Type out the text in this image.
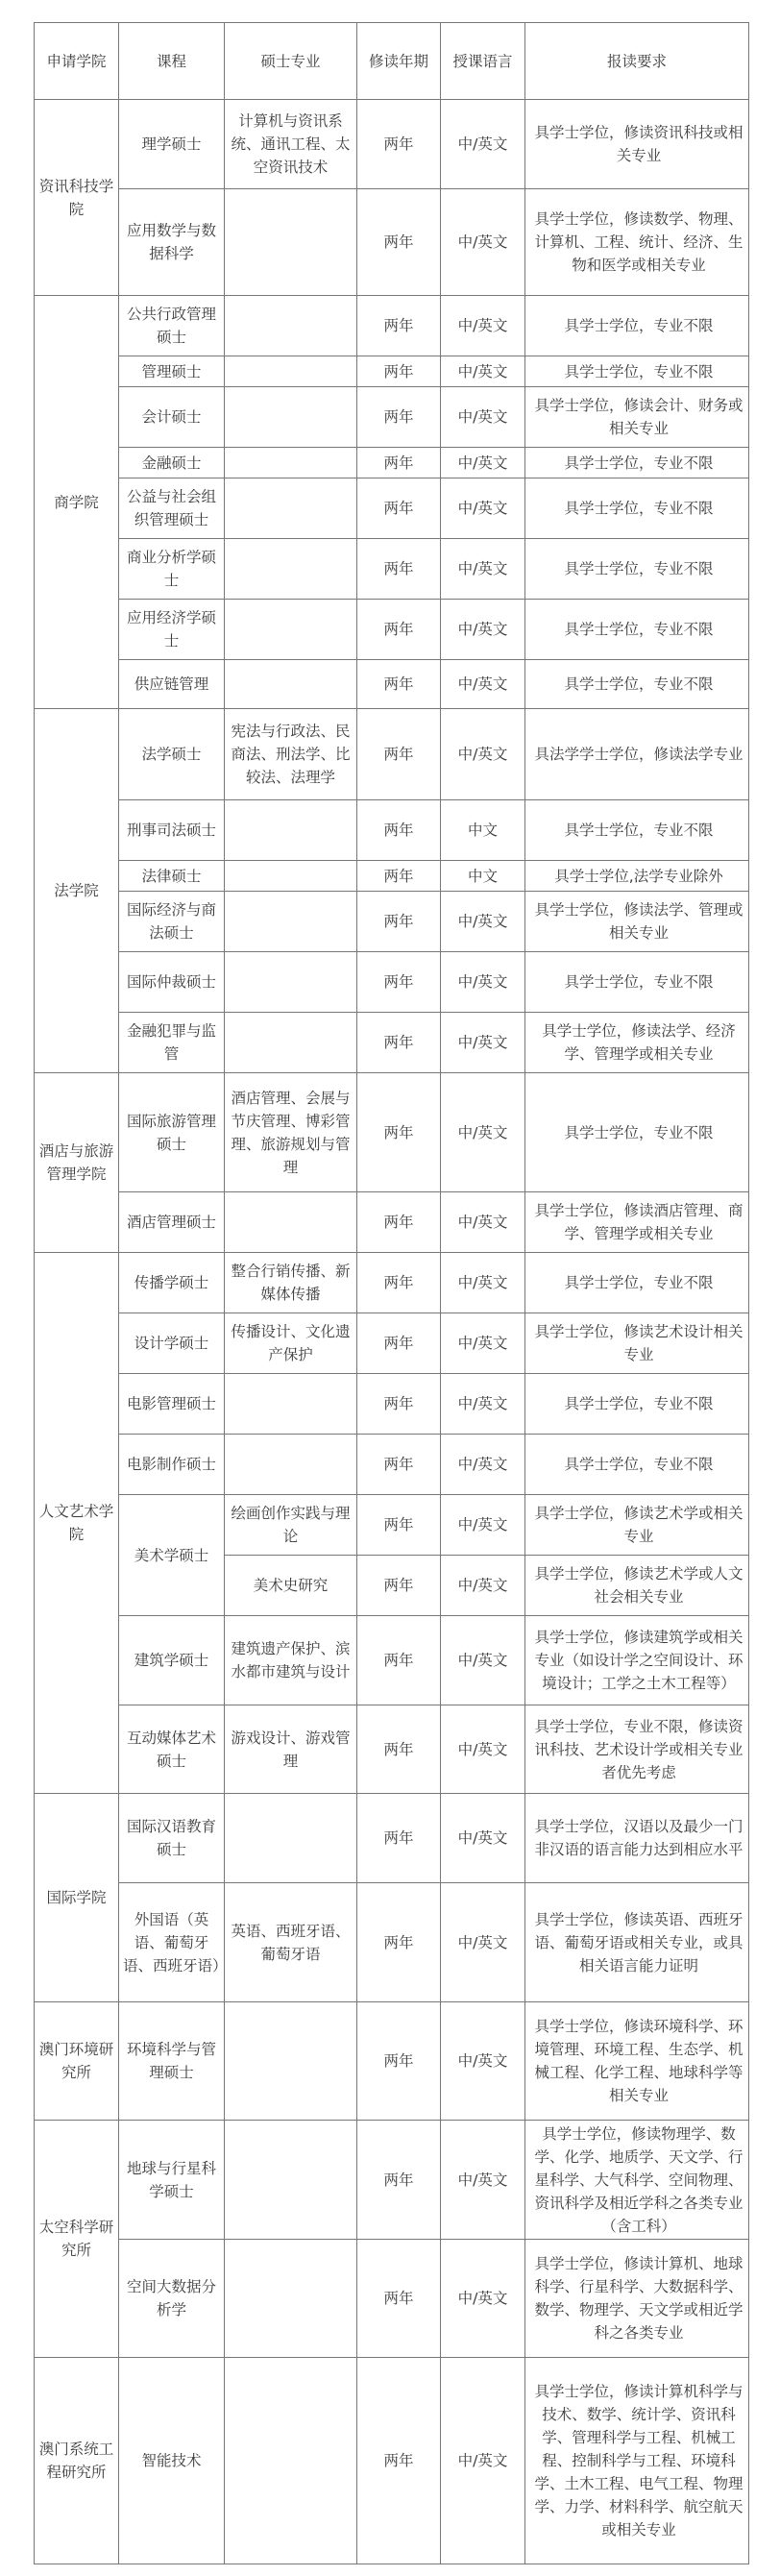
申请学院	课程	硕士专业	修读年期	授课语言	报读要求
资讯科技学院	理学硕士	计算机与资讯系统、通讯工程、太空资讯技术	两年	中/英文	具学士学位，修读资讯科技或相关专业
	应用数学与数据科学		两年	中/英文	具学士学位，修读数学、物理、计算机、工程、统计、经济、生物和医学或相关专业
商学院	公共行政管理硕士		两年	中/英文	具学士学位，专业不限
	管理硕士		两年	中/英文	具学士学位，专业不限
	会计硕士		两年	中/英文	具学士学位，修读会计、财务或相关专业
	金融硕士		两年	中/英文	具学士学位，专业不限
	公益与社会组织管理硕士		两年	中/英文	具学士学位，专业不限
	商业分析学硕士		两年	中/英文	具学士学位，专业不限
	应用经济学硕士		两年	中/英文	具学士学位，专业不限
	供应链管理		两年	中/英文	具学士学位，专业不限
法学院	法学硕士	宪法与行政法、民商法、刑法学、比较法、法理学	两年	中/英文	具法学学士学位，修读法学专业
	刑事司法硕士		两年	中文	具学士学位，专业不限
	法律硕士		两年	中文	具学士学位,法学专业除外
	国际经济与商法硕士		两年	中/英文	具学士学位，修读法学、管理或相关专业
	国际仲裁硕士		两年	中/英文	具学士学位，专业不限
	金融犯罪与监管		两年	中/英文	具学士学位，修读法学、经济学、管理学或相关专业
酒店与旅游管理学院	国际旅游管理硕士	酒店管理、会展与节庆管理、博彩管理、旅游规划与管理	两年	中/英文	具学士学位，专业不限
	酒店管理硕士		两年	中/英文	具学士学位，修读酒店管理、商学、管理学或相关专业
人文艺术学院	传播学硕士	整合行销传播、新媒体传播	两年	中/英文	具学士学位，专业不限
	设计学硕士	传播设计、文化遗产保护	两年	中/英文	具学士学位，修读艺术设计相关专业
	电影管理硕士		两年	中/英文	具学士学位，专业不限
	电影制作硕士		两年	中/英文	具学士学位，专业不限
	美术学硕士	绘画创作实践与理论	两年	中/英文	具学士学位，修读艺术学或相关专业
		美术史研究	两年	中/英文	具学士学位，修读艺术学或人文社会相关专业
	建筑学硕士	建筑遗产保护、滨水都市建筑与设计	两年	中/英文	具学士学位，修读建筑学或相关专业（如设计学之空间设计、环境设计；工学之土木工程等）
	互动媒体艺术硕士	游戏设计、游戏管理	两年	中/英文	具学士学位，专业不限，修读资讯科技、艺术设计学或相关专业者优先考虑
国际学院	国际汉语教育硕士		两年	中/英文	具学士学位，汉语以及最少一门非汉语的语言能力达到相应水平
	外国语（英语、葡萄牙语、西班牙语）	英语、西班牙语、葡萄牙语	两年	中/英文	具学士学位，修读英语、西班牙语、葡萄牙语或相关专业，或具相关语言能力证明
澳门环境研究所	环境科学与管理硕士		两年	中/英文	具学士学位，修读环境科学、环境管理、环境工程、生态学、机械工程、化学工程、地球科学等相关专业
太空科学研究所	地球与行星科学硕士		两年	中/英文	具学士学位，修读物理学、数学、化学、地质学、天文学、行星科学、大气科学、空间物理、资讯科学及相近学科之各类专业（含工科）
	空间大数据分析学		两年	中/英文	具学士学位，修读计算机、地球科学、行星科学、大数据科学、数学、物理学、天文学或相近学科之各类专业
澳门系统工程研究所	智能技术		两年	中/英文	具学士学位，修读计算机科学与技术、数学、统计学、资讯科学、管理科学与工程、机械工程、控制科学与工程、环境科学、土木工程、电气工程、物理学、力学、材料科学、航空航天或相关专业
